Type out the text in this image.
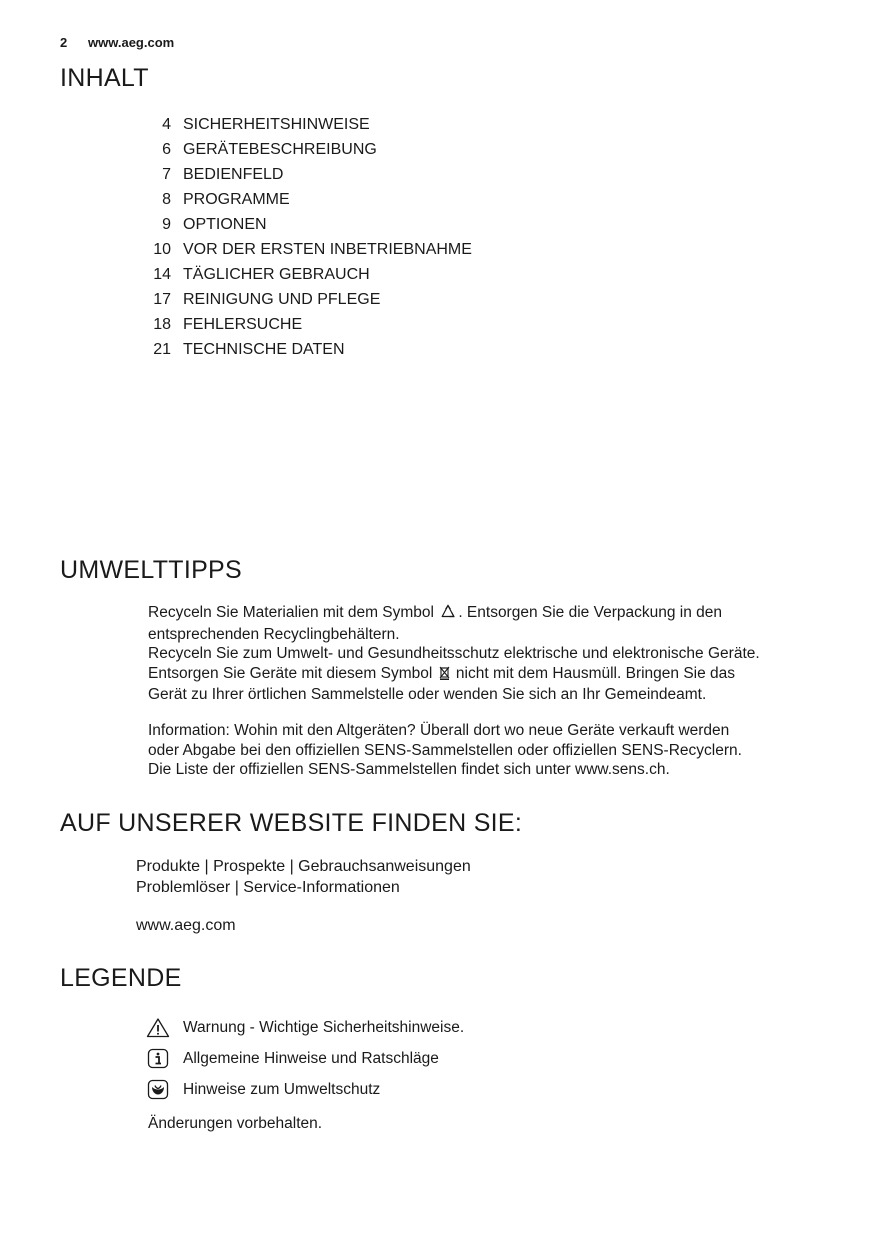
2 www.aeg.com
INHALT
4 SICHERHEITSHINWEISE
6 GERÄTEBESCHREIBUNG
7 BEDIENFELD
8 PROGRAMME
9 OPTIONEN
10 VOR DER ERSTEN INBETRIEBNAHME
14 TÄGLICHER GEBRAUCH
17 REINIGUNG UND PFLEGE
18 FEHLERSUCHE
21 TECHNISCHE DATEN
UMWELTTIPPS
Recyceln Sie Materialien mit dem Symbol . Entsorgen Sie die Verpackung in den
entsprechenden Recyclingbehältern.
Recyceln Sie zum Umwelt- und Gesundheitsschutz elektrische und elektronische Geräte.
Entsorgen Sie Geräte mit diesem Symbol nicht mit dem Hausmüll. Bringen Sie das
Gerät zu Ihrer örtlichen Sammelstelle oder wenden Sie sich an Ihr Gemeindeamt.
Information: Wohin mit den Altgeräten? Überall dort wo neue Geräte verkauft werden
oder Abgabe bei den offiziellen SENS-Sammelstellen oder offiziellen SENS-Recyclern.
Die Liste der offiziellen SENS-Sammelstellen findet sich unter www.sens.ch.
AUF UNSERER WEBSITE FINDEN SIE:
Produkte | Prospekte | Gebrauchsanweisungen
Problemlöser | Service-Informationen
www.aeg.com
LEGENDE
Warnung - Wichtige Sicherheitshinweise.
Allgemeine Hinweise und Ratschläge
Hinweise zum Umweltschutz
Änderungen vorbehalten.
